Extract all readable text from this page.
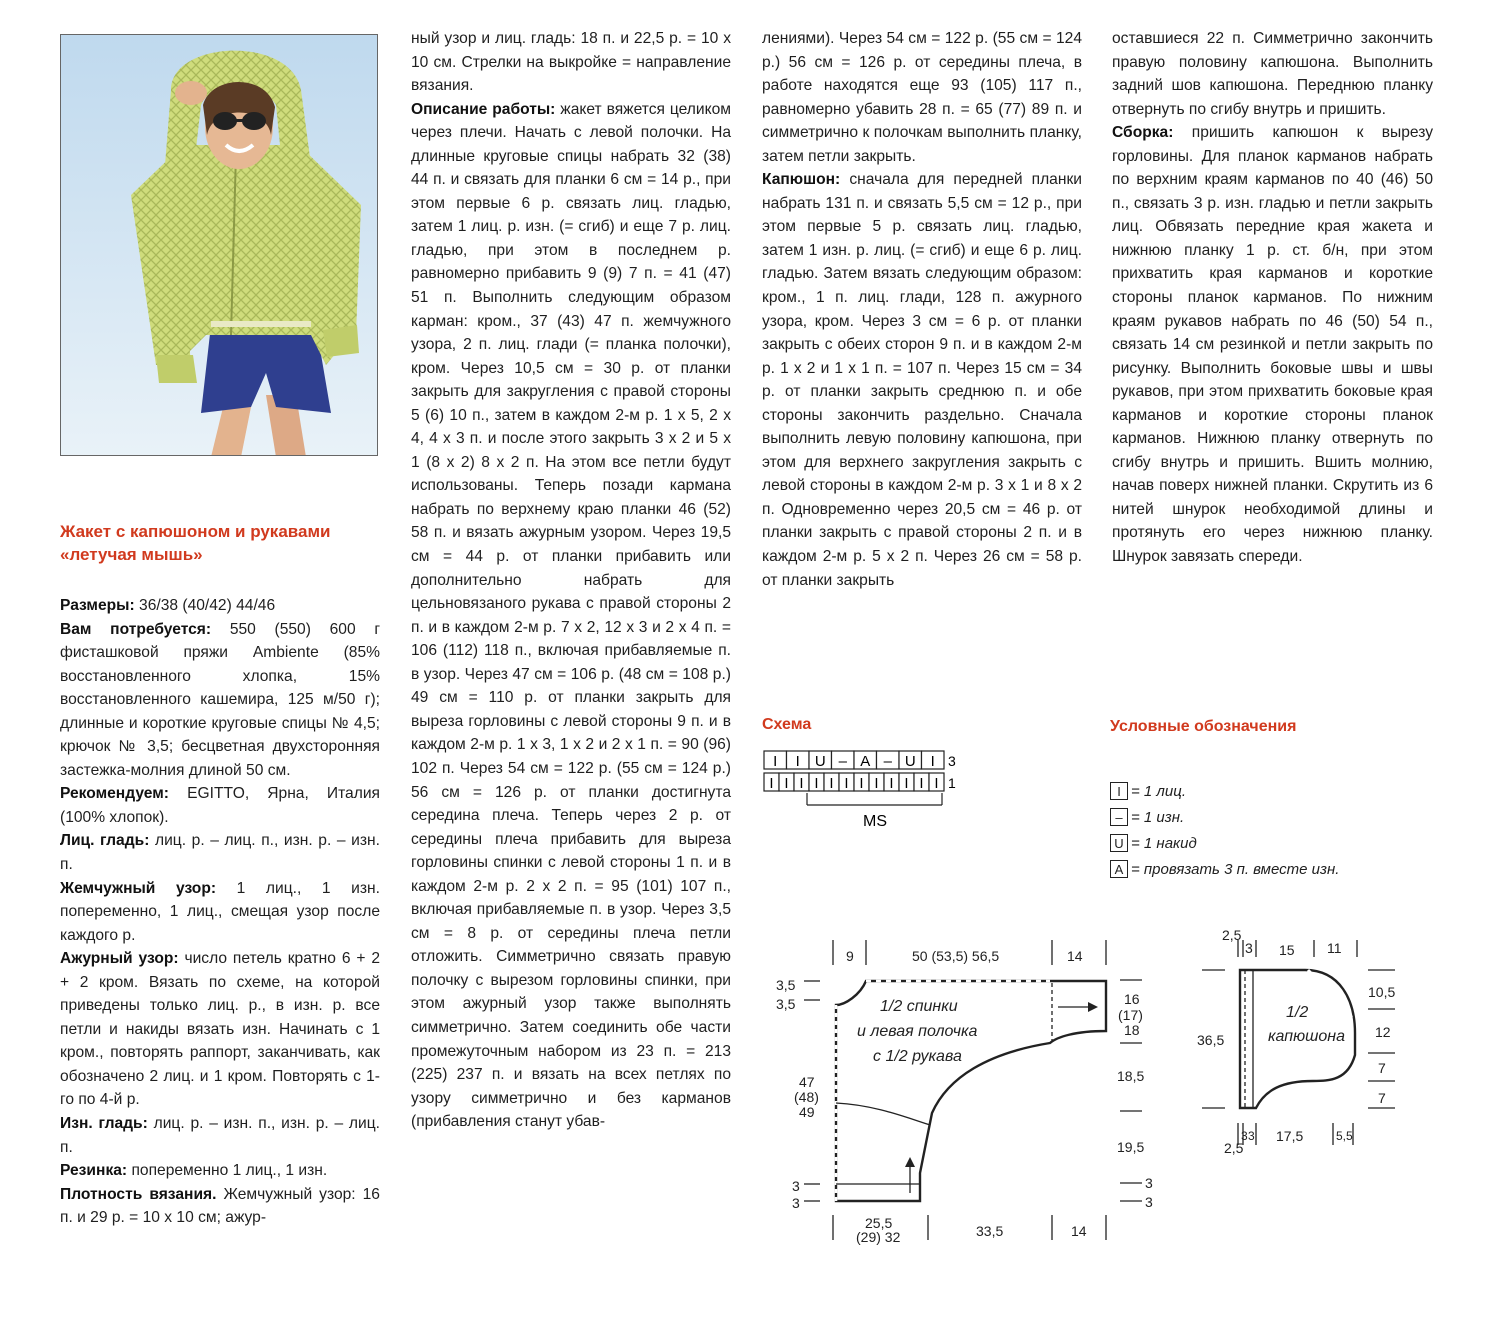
Жакет с капюшоном и рукавами «летучая мышь»

Размеры: 36/38 (40/42) 44/46

Вам потребуется: 550 (550) 600 г фисташковой пряжи Ambiente (85% восстановленного хлопка, 15% восстановленного кашемира, 125 м/50 г); длинные и короткие круговые спицы № 4,5; крючок № 3,5; бесцветная двухсторонняя застежка-молния длиной 50 см.

Рекомендуем: EGITTO, Ярна, Италия (100% хлопок).

Лиц. гладь: лиц. р. – лиц. п., изн. р. – изн. п.

Жемчужный узор: 1 лиц., 1 изн. попеременно, 1 лиц., смещая узор после каждого р.

Ажурный узор: число петель кратно 6 + 2 + 2 кром. Вязать по схеме, на которой приведены только лиц. р., в изн. р. все петли и накиды вязать изн. Начинать с 1 кром., повторять раппорт, заканчивать, как обозначено 2 лиц. и 1 кром. Повторять с 1-го по 4-й р.

Изн. гладь: лиц. р. – изн. п., изн. р. – лиц. п.

Резинка: попеременно 1 лиц., 1 изн.

Плотность вязания. Жемчужный узор: 16 п. и 29 р. = 10 х 10 см; ажур-

ный узор и лиц. гладь: 18 п. и 22,5 р. = 10 х 10 см. Стрелки на выкройке = направление вязания.

Описание работы: жакет вяжется целиком через плечи. Начать с левой полочки. На длинные круговые спицы набрать 32 (38) 44 п. и связать для планки 6 см = 14 р., при этом первые 6 р. связать лиц. гладью, затем 1 лиц. р. изн. (= сгиб) и еще 7 р. лиц. гладью, при этом в последнем р. равномерно прибавить 9 (9) 7 п. = 41 (47) 51 п. Выполнить следующим образом карман: кром., 37 (43) 47 п. жемчужного узора, 2 п. лиц. глади (= планка полочки), кром. Через 10,5 см = 30 р. от планки закрыть для закругления с правой стороны 5 (6) 10 п., затем в каждом 2-м р. 1 х 5, 2 х 4, 4 х 3 п. и после этого закрыть 3 х 2 и 5 х 1 (8 х 2) 8 х 2 п. На этом все петли будут использованы. Теперь позади кармана набрать по верхнему краю планки 46 (52) 58 п. и вязать ажурным узором. Через 19,5 см = 44 р. от планки прибавить или дополнительно набрать для цельновязаного рукава с правой стороны 2 п. и в каждом 2-м р. 7 х 2, 12 х 3 и 2 х 4 п. = 106 (112) 118 п., включая прибавляемые п. в узор. Через 47 см = 106 р. (48 см = 108 р.) 49 см = 110 р. от планки закрыть для выреза горловины с левой стороны 9 п. и в каждом 2-м р. 1 х 3, 1 х 2 и 2 х 1 п. = 90 (96) 102 п. Через 54 см = 122 р. (55 см = 124 р.) 56 см = 126 р. от планки достигнута середина плеча. Теперь через 2 р. от середины плеча прибавить для выреза горловины спинки с левой стороны 1 п. и в каждом 2-м р. 2 х 2 п. = 95 (101) 107 п., включая прибавляемые п. в узор. Через 3,5 см = 8 р. от середины плеча петли отложить. Симметрично связать правую полочку с вырезом горловины спинки, при этом ажурный узор также выполнять симметрично. Затем соединить обе части промежуточным набором из 23 п. = 213 (225) 237 п. и вязать на всех петлях по узору симметрично и без карманов (прибавления станут убав-

лениями). Через 54 см = 122 р. (55 см = 124 р.) 56 см = 126 р. от середины плеча, в работе находятся еще 93 (105) 117 п., равномерно убавить 28 п. = 65 (77) 89 п. и симметрично к полочкам выполнить планку, затем петли закрыть.

Капюшон: сначала для передней планки набрать 131 п. и связать 5,5 см = 12 р., при этом первые 5 р. связать лиц. гладью, затем 1 изн. р. лиц. (= сгиб) и еще 6 р. лиц. гладью. Затем вязать следующим образом: кром., 1 п. лиц. глади, 128 п. ажурного узора, кром. Через 3 см = 6 р. от планки закрыть с обеих сторон 9 п. и в каждом 2-м р. 1 х 2 и 1 х 1 п. = 107 п. Через 15 см = 34 р. от планки закрыть среднюю п. и обе стороны закончить раздельно. Сначала выполнить левую половину капюшона, при этом для верхнего закругления закрыть с левой стороны в каждом 2-м р. 3 х 1 и 8 х 2 п. Одновременно через 20,5 см = 46 р. от планки закрыть с правой стороны 2 п. и в каждом 2-м р. 5 х 2 п. Через 26 см = 58 р. от планки закрыть

оставшиеся 22 п. Симметрично закончить правую половину капюшона. Выполнить задний шов капюшона. Переднюю планку отвернуть по сгибу внутрь и пришить.

Сборка: пришить капюшон к вырезу горловины. Для планок карманов набрать по верхним краям карманов по 40 (46) 50 п., связать 3 р. изн. гладью и петли закрыть лиц. Обвязать передние края жакета и нижнюю планку 1 р. ст. б/н, при этом прихватить края карманов и короткие стороны планок карманов. По нижним краям рукавов набрать по 46 (50) 54 п., связать 14 см резинкой и петли закрыть по рисунку. Выполнить боковые швы и швы рукавов, при этом прихватить боковые края карманов и короткие стороны планок карманов. Нижнюю планку отвернуть по сгибу внутрь и пришить. Вшить молнию, начав поверх нижней планки. Скрутить из 6 нитей шнурок необходимой длины и протянуть его через нижнюю планку. Шнурок завязать спереди.

Схема
I I U – A – U I
I I I I I I I I I I I I
3
1
MS
Условные обозначения
I = 1 лиц.
– = 1 изн.
U = 1 накид
A = провязать 3 п. вместе изн.
9	50 (53,5) 56,5	14
3,5
3,5
47
(48)
49
3
3
16
(17)
18
18,5
19,5
3
3
25,5
(29) 32	33,5	14
1/2 спинки
и левая полочка
с 1/2 рукава
2,5
3 15 11
36,5
10,5
12
7
7
2,5
3 3 17,5	5,5
1/2
капюшона
